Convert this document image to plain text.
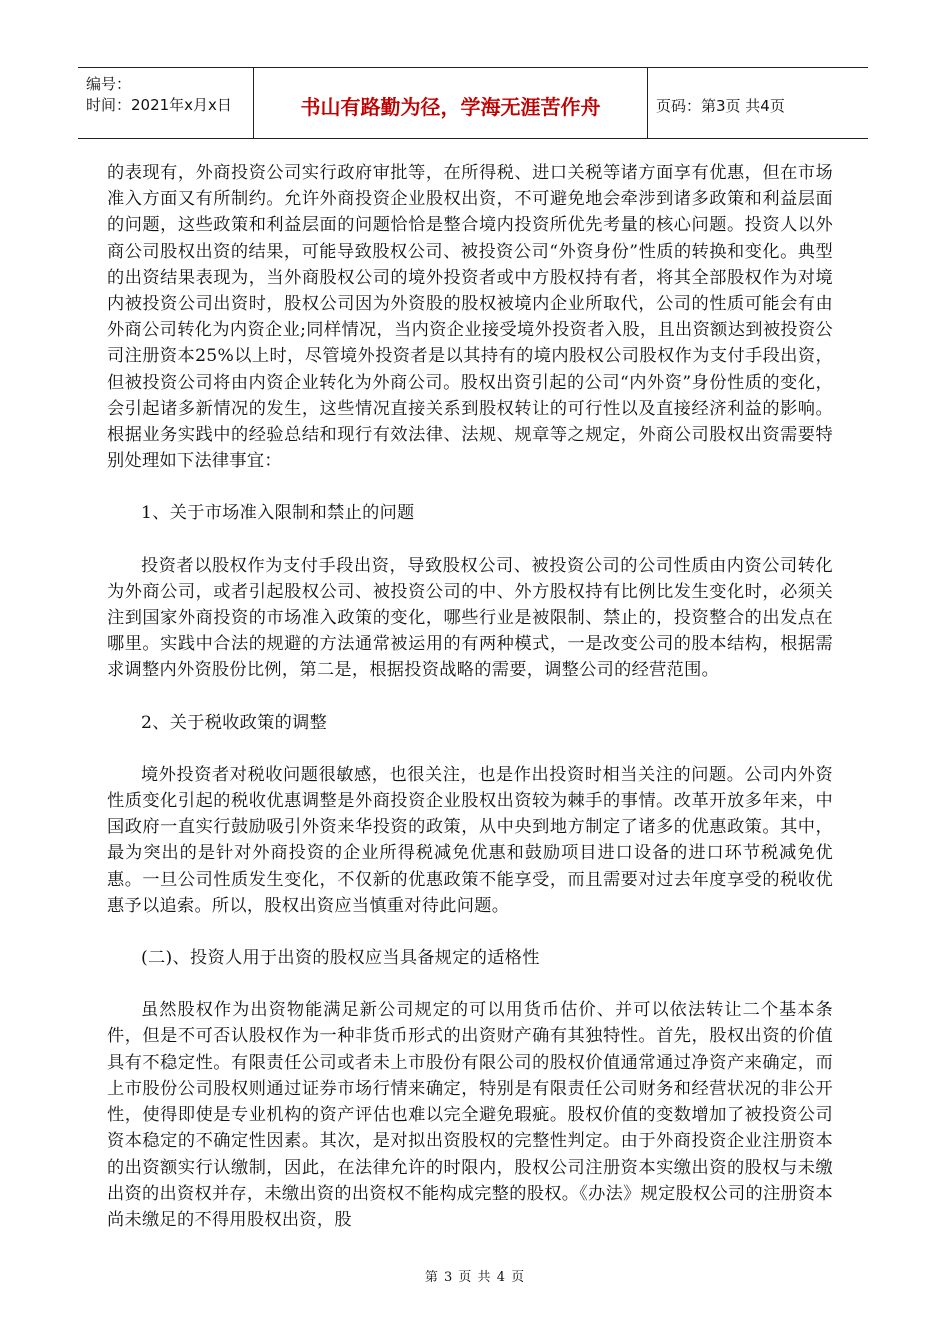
编号：
时间：2021年x月x日	书山有路勤为径，学海无涯苦作舟	页码：第3页 共4页

的表现有，外商投资公司实行政府审批等，在所得税、进口关税等诸方面享有优惠，但在市场准入方面又有所制约。允许外商投资企业股权出资，不可避免地会牵涉到诸多政策和利益层面的问题，这些政策和利益层面的问题恰恰是整合境内投资所优先考量的核心问题。投资人以外商公司股权出资的结果，可能导致股权公司、被投资公司“外资身份”性质的转换和变化。典型的出资结果表现为，当外商股权公司的境外投资者或中方股权持有者，将其全部股权作为对境内被投资公司出资时，股权公司因为外资股的股权被境内企业所取代，公司的性质可能会有由外商公司转化为内资企业;同样情况，当内资企业接受境外投资者入股，且出资额达到被投资公司注册资本25%以上时，尽管境外投资者是以其持有的境内股权公司股权作为支付手段出资，但被投资公司将由内资企业转化为外商公司。股权出资引起的公司“内外资”身份性质的变化，会引起诸多新情况的发生，这些情况直接关系到股权转让的可行性以及直接经济利益的影响。根据业务实践中的经验总结和现行有效法律、法规、规章等之规定，外商公司股权出资需要特别处理如下法律事宜：

1、关于市场准入限制和禁止的问题

投资者以股权作为支付手段出资，导致股权公司、被投资公司的公司性质由内资公司转化为外商公司，或者引起股权公司、被投资公司的中、外方股权持有比例比发生变化时，必须关注到国家外商投资的市场准入政策的变化，哪些行业是被限制、禁止的，投资整合的出发点在哪里。实践中合法的规避的方法通常被运用的有两种模式，一是改变公司的股本结构，根据需求调整内外资股份比例，第二是，根据投资战略的需要，调整公司的经营范围。

2、关于税收政策的调整

境外投资者对税收问题很敏感，也很关注，也是作出投资时相当关注的问题。公司内外资性质变化引起的税收优惠调整是外商投资企业股权出资较为棘手的事情。改革开放多年来，中国政府一直实行鼓励吸引外资来华投资的政策，从中央到地方制定了诸多的优惠政策。其中，最为突出的是针对外商投资的企业所得税减免优惠和鼓励项目进口设备的进口环节税减免优惠。一旦公司性质发生变化，不仅新的优惠政策不能享受，而且需要对过去年度享受的税收优惠予以追索。所以，股权出资应当慎重对待此问题。

(二)、投资人用于出资的股权应当具备规定的适格性

虽然股权作为出资物能满足新公司规定的可以用货币估价、并可以依法转让二个基本条件，但是不可否认股权作为一种非货币形式的出资财产确有其独特性。首先，股权出资的价值具有不稳定性。有限责任公司或者未上市股份有限公司的股权价值通常通过净资产来确定，而上市股份公司股权则通过证券市场行情来确定，特别是有限责任公司财务和经营状况的非公开性，使得即使是专业机构的资产评估也难以完全避免瑕疵。股权价值的变数增加了被投资公司资本稳定的不确定性因素。其次，是对拟出资股权的完整性判定。由于外商投资企业注册资本的出资额实行认缴制，因此，在法律允许的时限内，股权公司注册资本实缴出资的股权与未缴出资的出资权并存，未缴出资的出资权不能构成完整的股权。《办法》规定股权公司的注册资本尚未缴足的不得用股权出资，股

第 3 页 共 4 页
